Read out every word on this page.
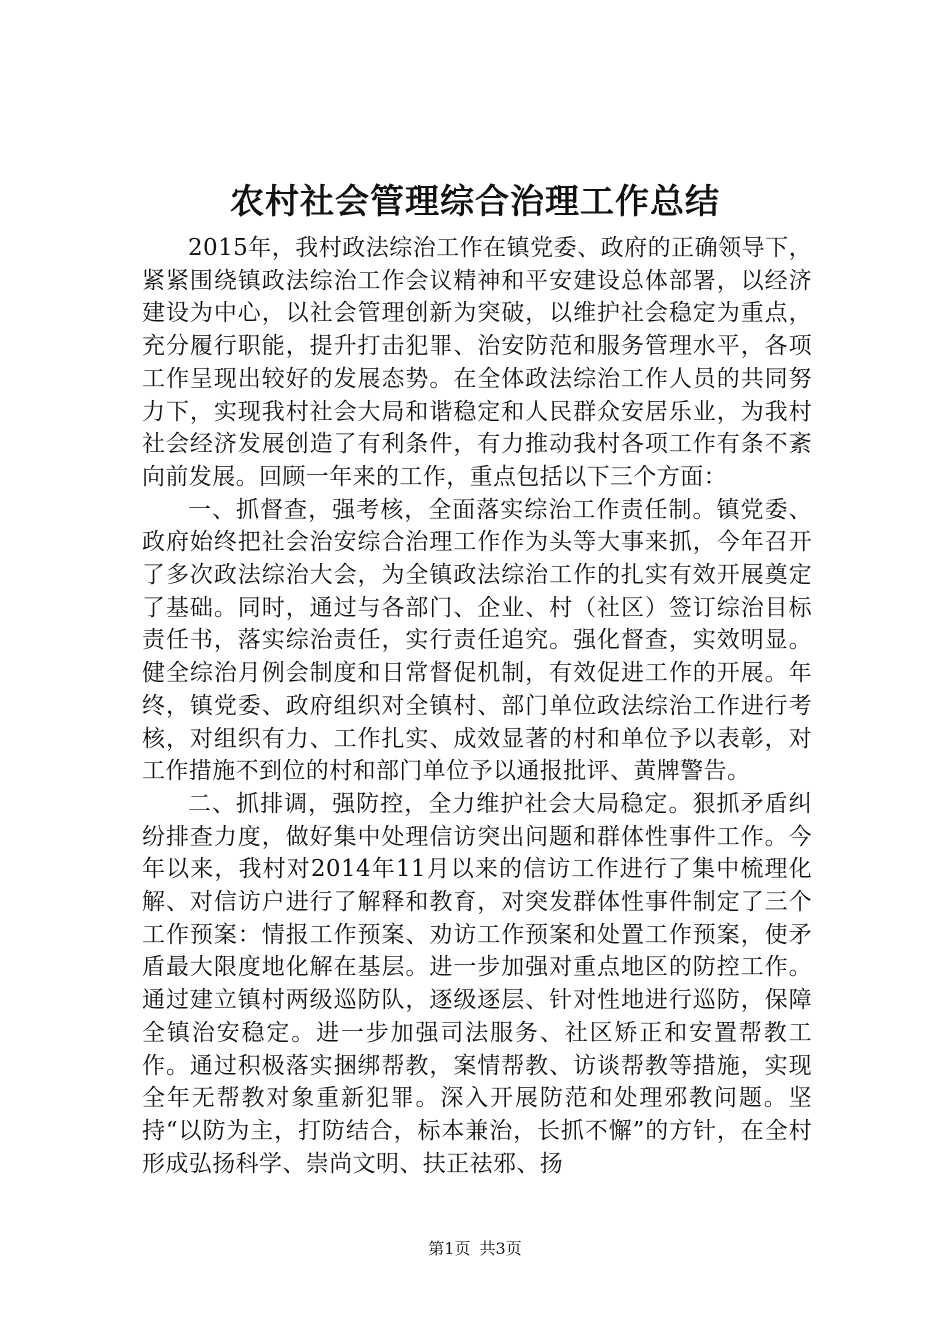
农村社会管理综合治理工作总结

2015年，我村政法综治工作在镇党委、政府的正确领导下，紧紧围绕镇政法综治工作会议精神和平安建设总体部署，以经济建设为中心，以社会管理创新为突破，以维护社会稳定为重点，充分履行职能，提升打击犯罪、治安防范和服务管理水平，各项工作呈现出较好的发展态势。在全体政法综治工作人员的共同努力下，实现我村社会大局和谐稳定和人民群众安居乐业，为我村社会经济发展创造了有利条件，有力推动我村各项工作有条不紊向前发展。回顾一年来的工作，重点包括以下三个方面：

一、抓督查，强考核，全面落实综治工作责任制。镇党委、政府始终把社会治安综合治理工作作为头等大事来抓，今年召开了多次政法综治大会，为全镇政法综治工作的扎实有效开展奠定了基础。同时，通过与各部门、企业、村（社区）签订综治目标责任书，落实综治责任，实行责任追究。强化督查，实效明显。健全综治月例会制度和日常督促机制，有效促进工作的开展。年终，镇党委、政府组织对全镇村、部门单位政法综治工作进行考核，对组织有力、工作扎实、成效显著的村和单位予以表彰，对工作措施不到位的村和部门单位予以通报批评、黄牌警告。

二、抓排调，强防控，全力维护社会大局稳定。狠抓矛盾纠纷排查力度，做好集中处理信访突出问题和群体性事件工作。今年以来，我村对2014年11月以来的信访工作进行了集中梳理化解、对信访户进行了解释和教育，对突发群体性事件制定了三个工作预案：情报工作预案、劝访工作预案和处置工作预案，使矛盾最大限度地化解在基层。进一步加强对重点地区的防控工作。通过建立镇村两级巡防队，逐级逐层、针对性地进行巡防，保障全镇治安稳定。进一步加强司法服务、社区矫正和安置帮教工作。通过积极落实捆绑帮教，案情帮教、访谈帮教等措施，实现全年无帮教对象重新犯罪。深入开展防范和处理邪教问题。坚持“以防为主，打防结合，标本兼治，长抓不懈”的方针，在全村形成弘扬科学、崇尚文明、扶正祛邪、扬

第1页 共3页
